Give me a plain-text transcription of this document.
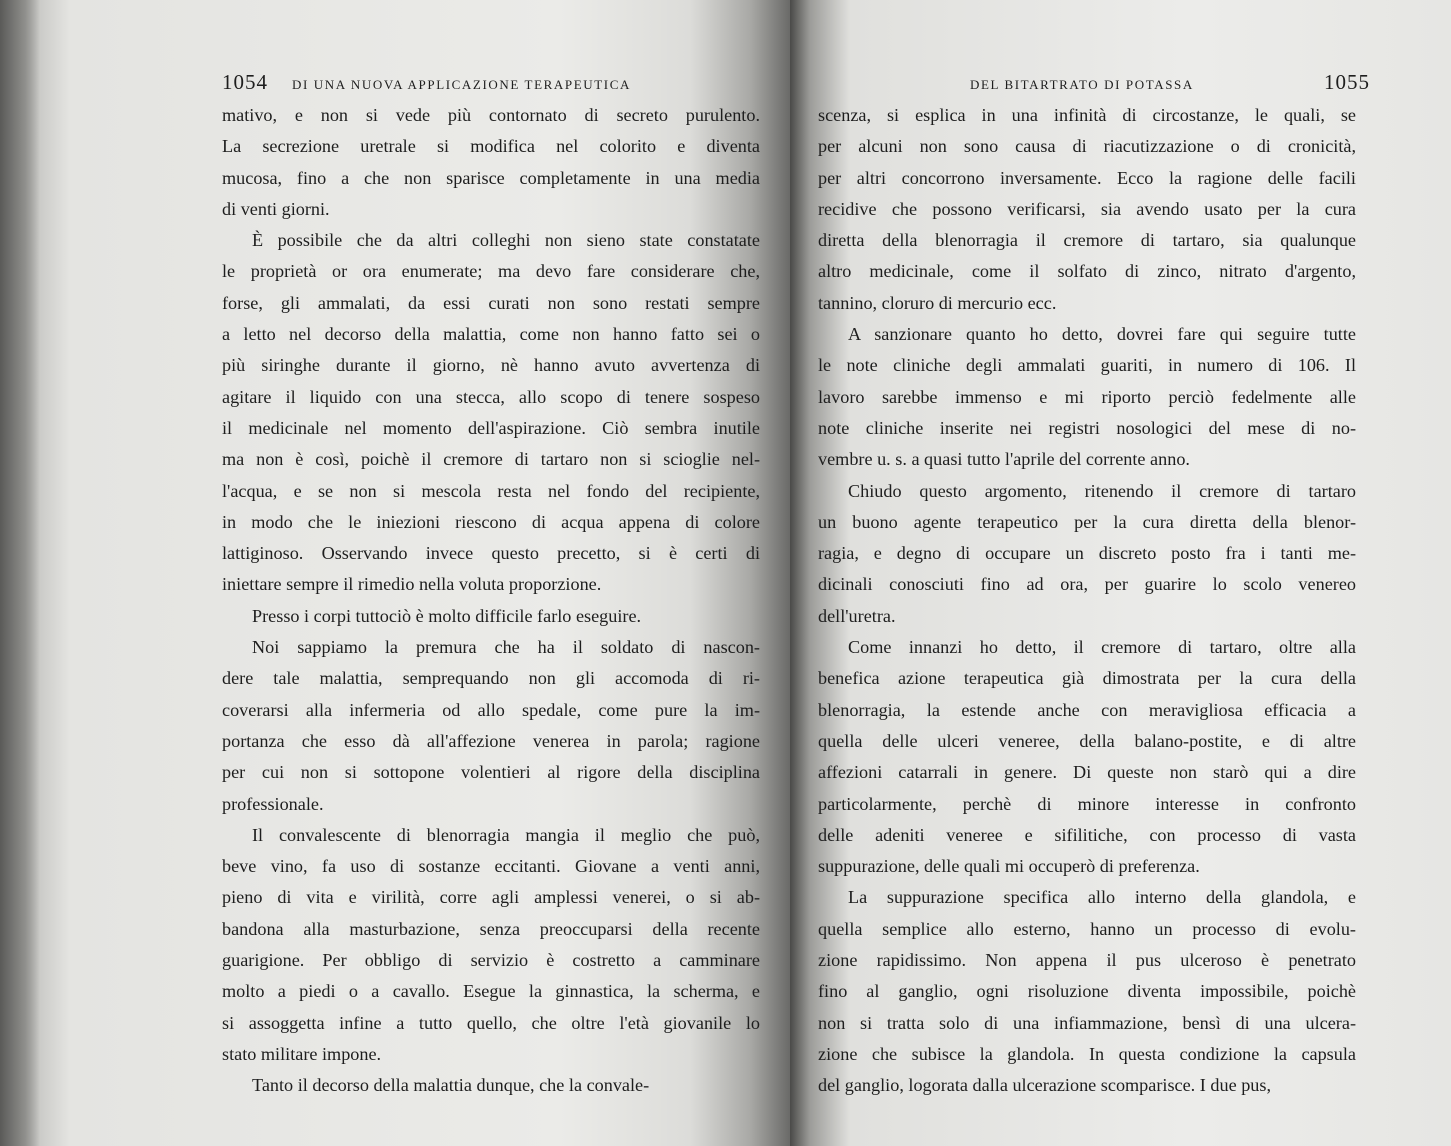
1054 DI UNA NUOVA APPLICAZIONE TERAPEUTICA
mativo, e non si vede più contornato di secreto purulento.
La secrezione uretrale si modifica nel colorito e diventa
mucosa, fino a che non sparisce completamente in una media
di venti giorni.
È possibile che da altri colleghi non sieno state constatate
le proprietà or ora enumerate; ma devo fare considerare che,
forse, gli ammalati, da essi curati non sono restati sempre
a letto nel decorso della malattia, come non hanno fatto sei o
più siringhe durante il giorno, nè hanno avuto avvertenza di
agitare il liquido con una stecca, allo scopo di tenere sospeso
il medicinale nel momento dell'aspirazione. Ciò sembra inutile
ma non è così, poichè il cremore di tartaro non si scioglie nel-
l'acqua, e se non si mescola resta nel fondo del recipiente,
in modo che le iniezioni riescono di acqua appena di colore
lattiginoso. Osservando invece questo precetto, si è certi di
iniettare sempre il rimedio nella voluta proporzione.
Presso i corpi tuttociò è molto difficile farlo eseguire.
Noi sappiamo la premura che ha il soldato di nascon-
dere tale malattia, semprequando non gli accomoda di ri-
coverarsi alla infermeria od allo spedale, come pure la im-
portanza che esso dà all'affezione venerea in parola; ragione
per cui non si sottopone volentieri al rigore della disciplina
professionale.
Il convalescente di blenorragia mangia il meglio che può,
beve vino, fa uso di sostanze eccitanti. Giovane a venti anni,
pieno di vita e virilità, corre agli amplessi venerei, o si ab-
bandona alla masturbazione, senza preoccuparsi della recente
guarigione. Per obbligo di servizio è costretto a camminare
molto a piedi o a cavallo. Esegue la ginnastica, la scherma, e
si assoggetta infine a tutto quello, che oltre l'età giovanile lo
stato militare impone.
Tanto il decorso della malattia dunque, che la convale-
DEL BITARTRATO DI POTASSA	1055
scenza, si esplica in una infinità di circostanze, le quali, se
per alcuni non sono causa di riacutizzazione o di cronicità,
per altri concorrono inversamente. Ecco la ragione delle facili
recidive che possono verificarsi, sia avendo usato per la cura
diretta della blenorragia il cremore di tartaro, sia qualunque
altro medicinale, come il solfato di zinco, nitrato d'argento,
tannino, cloruro di mercurio ecc.
A sanzionare quanto ho detto, dovrei fare qui seguire tutte
le note cliniche degli ammalati guariti, in numero di 106. Il
lavoro sarebbe immenso e mi riporto perciò fedelmente alle
note cliniche inserite nei registri nosologici del mese di no-
vembre u. s. a quasi tutto l'aprile del corrente anno.
Chiudo questo argomento, ritenendo il cremore di tartaro
un buono agente terapeutico per la cura diretta della blenor-
ragia, e degno di occupare un discreto posto fra i tanti me-
dicinali conosciuti fino ad ora, per guarire lo scolo venereo
dell'uretra.
Come innanzi ho detto, il cremore di tartaro, oltre alla
benefica azione terapeutica già dimostrata per la cura della
blenorragia, la estende anche con meravigliosa efficacia a
quella delle ulceri veneree, della balano-postite, e di altre
affezioni catarrali in genere. Di queste non starò qui a dire
particolarmente, perchè di minore interesse in confronto
delle adeniti veneree e sifilitiche, con processo di vasta
suppurazione, delle quali mi occuperò di preferenza.
La suppurazione specifica allo interno della glandola, e
quella semplice allo esterno, hanno un processo di evolu-
zione rapidissimo. Non appena il pus ulceroso è penetrato
fino al ganglio, ogni risoluzione diventa impossibile, poichè
non si tratta solo di una infiammazione, bensì di una ulcera-
zione che subisce la glandola. In questa condizione la capsula
del ganglio, logorata dalla ulcerazione scomparisce. I due pus,
